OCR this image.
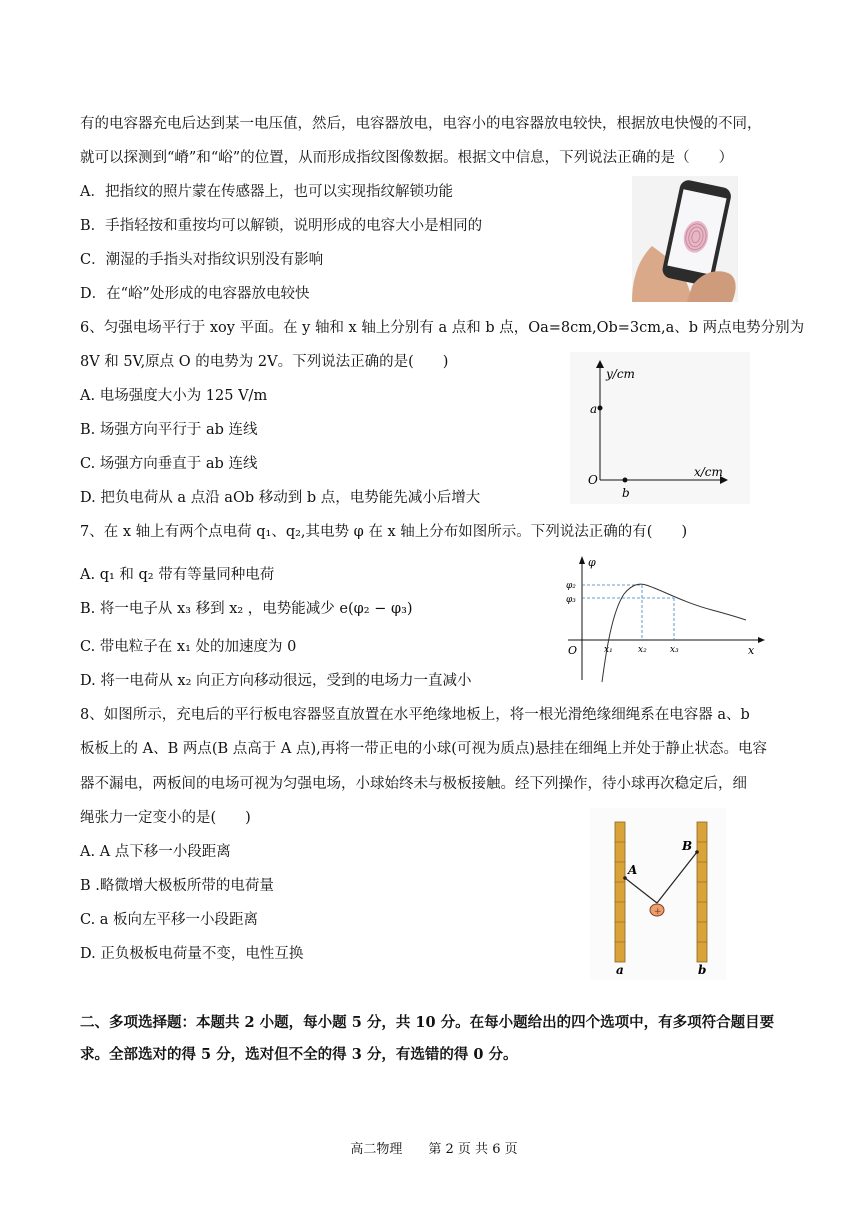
有的电容器充电后达到某一电压值，然后，电容器放电，电容小的电容器放电较快，根据放电快慢的不同，
就可以探测到“嵴”和“峪”的位置，从而形成指纹图像数据。根据文中信息，下列说法正确的是（　　）
A．把指纹的照片蒙在传感器上，也可以实现指纹解锁功能
B．手指轻按和重按均可以解锁，说明形成的电容大小是相同的
C．潮湿的手指头对指纹识别没有影响
D．在“峪”处形成的电容器放电较快
6、匀强电场平行于 xoy 平面。在 y 轴和 x 轴上分别有 a 点和 b 点，Oa=8cm,Ob=3cm,a、b 两点电势分别为
8V 和 5V,原点 O 的电势为 2V。下列说法正确的是(　　)
A. 电场强度大小为 125 V/m
B. 场强方向平行于 ab 连线
C. 场强方向垂直于 ab 连线
D. 把负电荷从 a 点沿 aOb 移动到 b 点，电势能先减小后增大
y/cm
x/cm
O
a
b
7、在 x 轴上有两个点电荷 q₁、q₂,其电势 φ 在 x 轴上分布如图所示。下列说法正确的有(　　)
A. q₁ 和 q₂ 带有等量同种电荷
B. 将一电子从 x₃ 移到 x₂ ，电势能减少 e(φ₂ − φ₃)
C. 带电粒子在 x₁ 处的加速度为 0
D. 将一电荷从 x₂ 向正方向移动很远，受到的电场力一直减小
φ
x
O
φ₂
φ₃
x₁	x₂	x₃
8、如图所示，充电后的平行板电容器竖直放置在水平绝缘地板上，将一根光滑绝缘细绳系在电容器 a、b
板板上的 A、B 两点(B 点高于 A 点),再将一带正电的小球(可视为质点)悬挂在细绳上并处于静止状态。电容
器不漏电，两板间的电场可视为匀强电场，小球始终未与极板接触。经下列操作，待小球再次稳定后，细
绳张力一定变小的是(　　)
A. A 点下移一小段距离
B .略微增大极板所带的电荷量
C. a 板向左平移一小段距离
D. 正负极板电荷量不变，电性互换
A
B
+
a	b
二、多项选择题：本题共 2 小题，每小题 5 分，共 10 分。在每小题给出的四个选项中，有多项符合题目要
求。全部选对的得 5 分，选对但不全的得 3 分，有选错的得 0 分。
高二物理　　第 2 页 共 6 页
